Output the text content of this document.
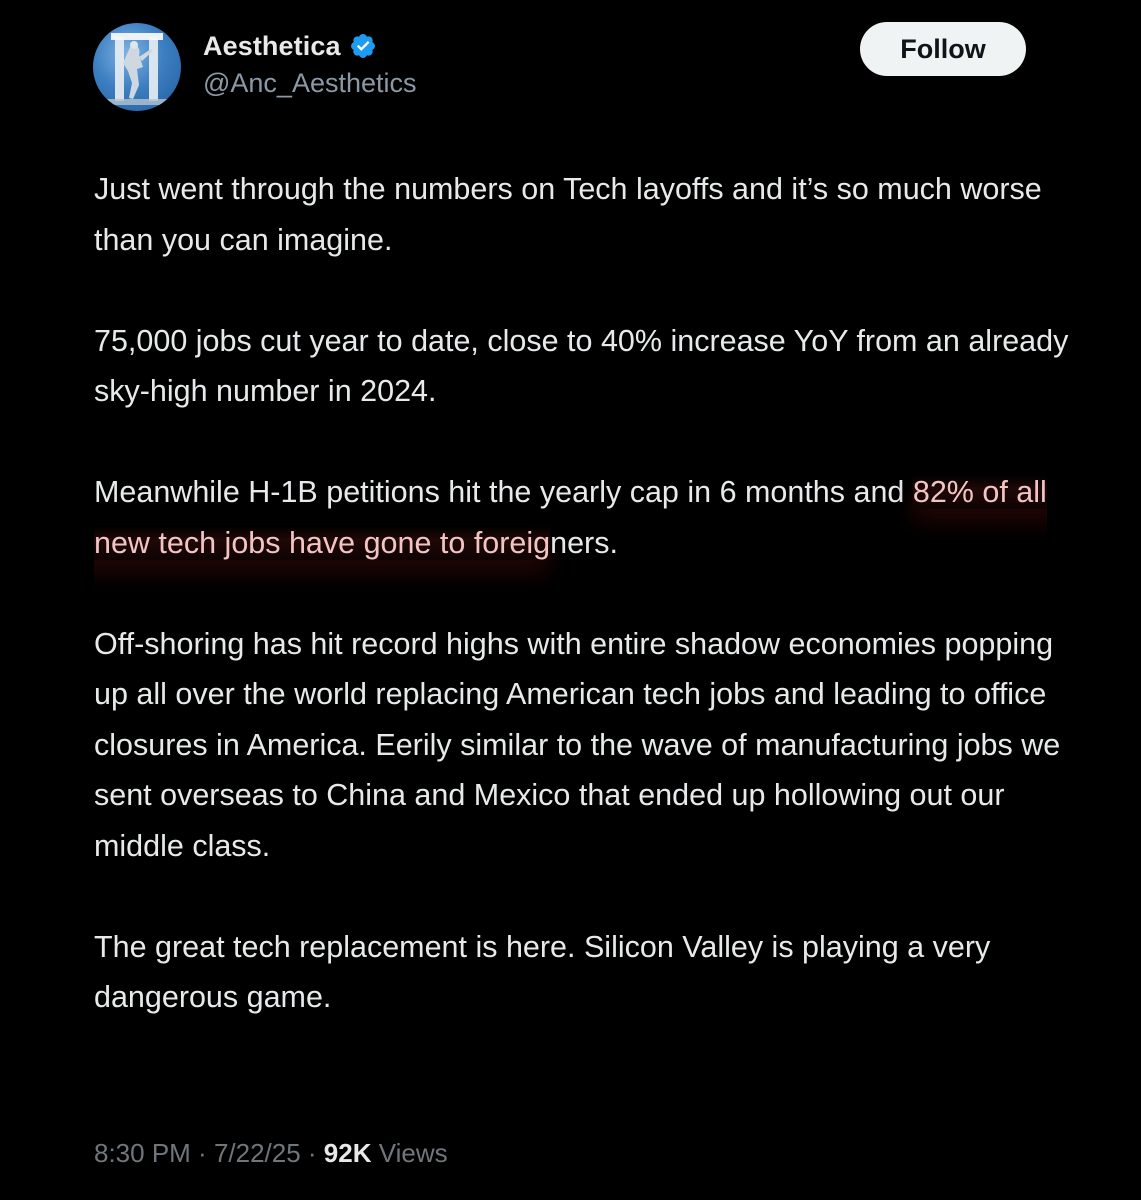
Aesthetica
@Anc_Aesthetics
Follow

Just went through the numbers on Tech layoffs and it’s so much worse than you can imagine.

75,000 jobs cut year to date, close to 40% increase YoY from an already sky-high number in 2024.

Meanwhile H-1B petitions hit the yearly cap in 6 months and 82% of all new tech jobs have gone to foreigners.

Off-shoring has hit record highs with entire shadow economies popping up all over the world replacing American tech jobs and leading to office closures in America. Eerily similar to the wave of manufacturing jobs we sent overseas to China and Mexico that ended up hollowing out our middle class.

The great tech replacement is here. Silicon Valley is playing a very dangerous game.

8:30 PM · 7/22/25 · 92K Views
